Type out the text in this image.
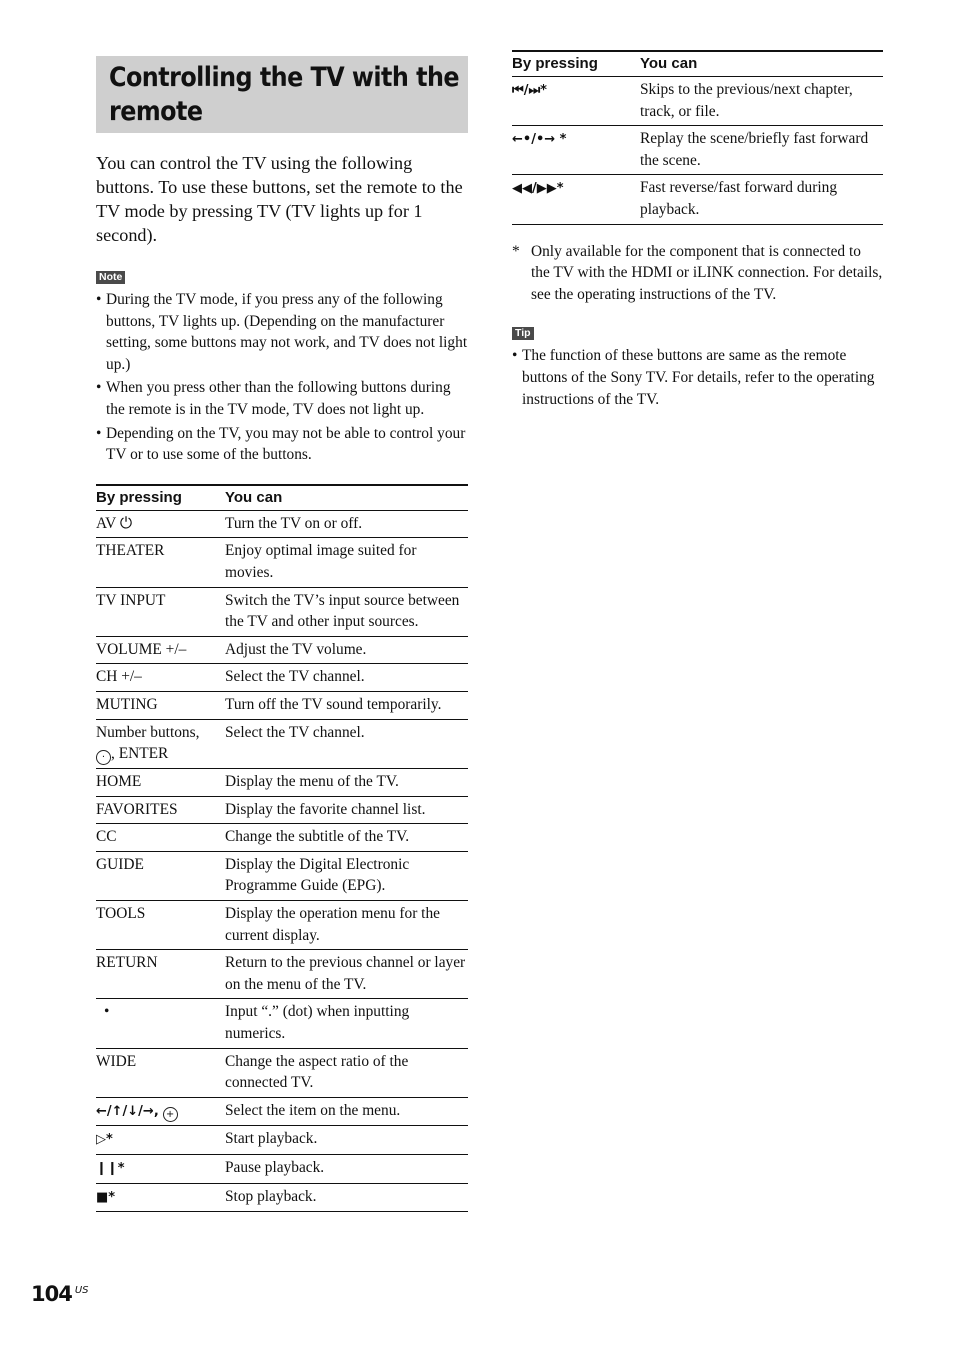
Controlling the TV with the remote

You can control the TV using the following buttons. To use these buttons, set the remote to the TV mode by pressing TV (TV lights up for 1 second).

Note
• During the TV mode, if you press any of the following buttons, TV lights up. (Depending on the manufacturer setting, some buttons may not work, and TV does not light up.)
• When you press other than the following buttons during the remote is in the TV mode, TV does not light up.
• Depending on the TV, you may not be able to control your TV or to use some of the buttons.
By pressing	You can
AV ⏻	Turn the TV on or off.
THEATER	Enjoy optimal image suited for movies.
TV INPUT	Switch the TV’s input source between the TV and other input sources.
VOLUME +/–	Adjust the TV volume.
CH +/–	Select the TV channel.
MUTING	Turn off the TV sound temporarily.
Number buttons,
· , ENTER	Select the TV channel.
HOME	Display the menu of the TV.
FAVORITES	Display the favorite channel list.
CC	Change the subtitle of the TV.
GUIDE	Display the Digital Electronic Programme Guide (EPG).
TOOLS	Display the operation menu for the current display.
RETURN	Return to the previous channel or layer on the menu of the TV.
•	Input “.” (dot) when inputting numerics.
WIDE	Change the aspect ratio of the connected TV.
←/↑/↓/→, +	Select the item on the menu.
▷*	Start playback.
❙❙*	Pause playback.
■*	Stop playback.
By pressing	You can
⏮/⏭*	Skips to the previous/next chapter, track, or file.
←•/•→ *	Replay the scene/briefly fast forward the scene.
◀◀/▶▶*	Fast reverse/fast forward during playback.
* Only available for the component that is connected to the TV with the HDMI or iLINK connection. For details, see the operating instructions of the TV.
Tip
• The function of these buttons are same as the remote buttons of the Sony TV. For details, refer to the operating instructions of the TV.
104 $^{US}$
